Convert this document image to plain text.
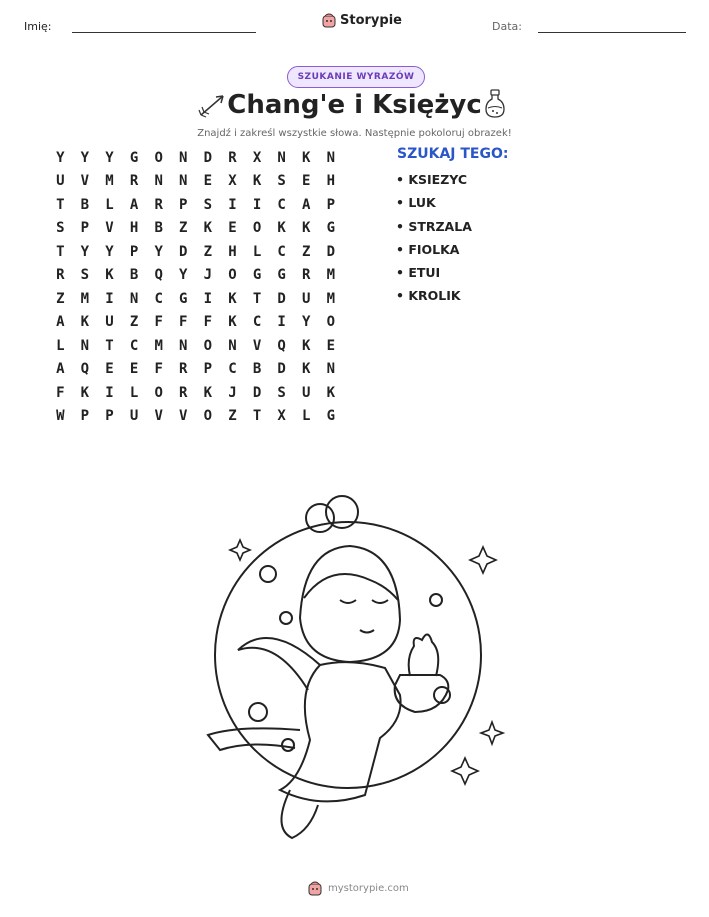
Imię:	Storypie	Data:
SZUKANIE WYRAZÓW
Chang'e i Księżyc
Znajdź i zakreśl wszystkie słowa. Następnie pokoloruj obrazek!
Y	Y	Y	G	O	N	D	R	X	N	K	N
U	V	M	R	N	N	E	X	K	S	E	H
T	B	L	A	R	P	S	I	I	C	A	P
S	P	V	H	B	Z	K	E	O	K	K	G
T	Y	Y	P	Y	D	Z	H	L	C	Z	D
R	S	K	B	Q	Y	J	O	G	G	R	M
Z	M	I	N	C	G	I	K	T	D	U	M
A	K	U	Z	F	F	F	K	C	I	Y	O
L	N	T	C	M	N	O	N	V	Q	K	E
A	Q	E	E	F	R	P	C	B	D	K	N
F	K	I	L	O	R	K	J	D	S	U	K
W	P	P	U	V	V	O	Z	T	X	L	G
SZUKAJ TEGO:
• KSIEZYC
• LUK
• STRZALA
• FIOLKA
• ETUI
• KROLIK
mystorypie.com
